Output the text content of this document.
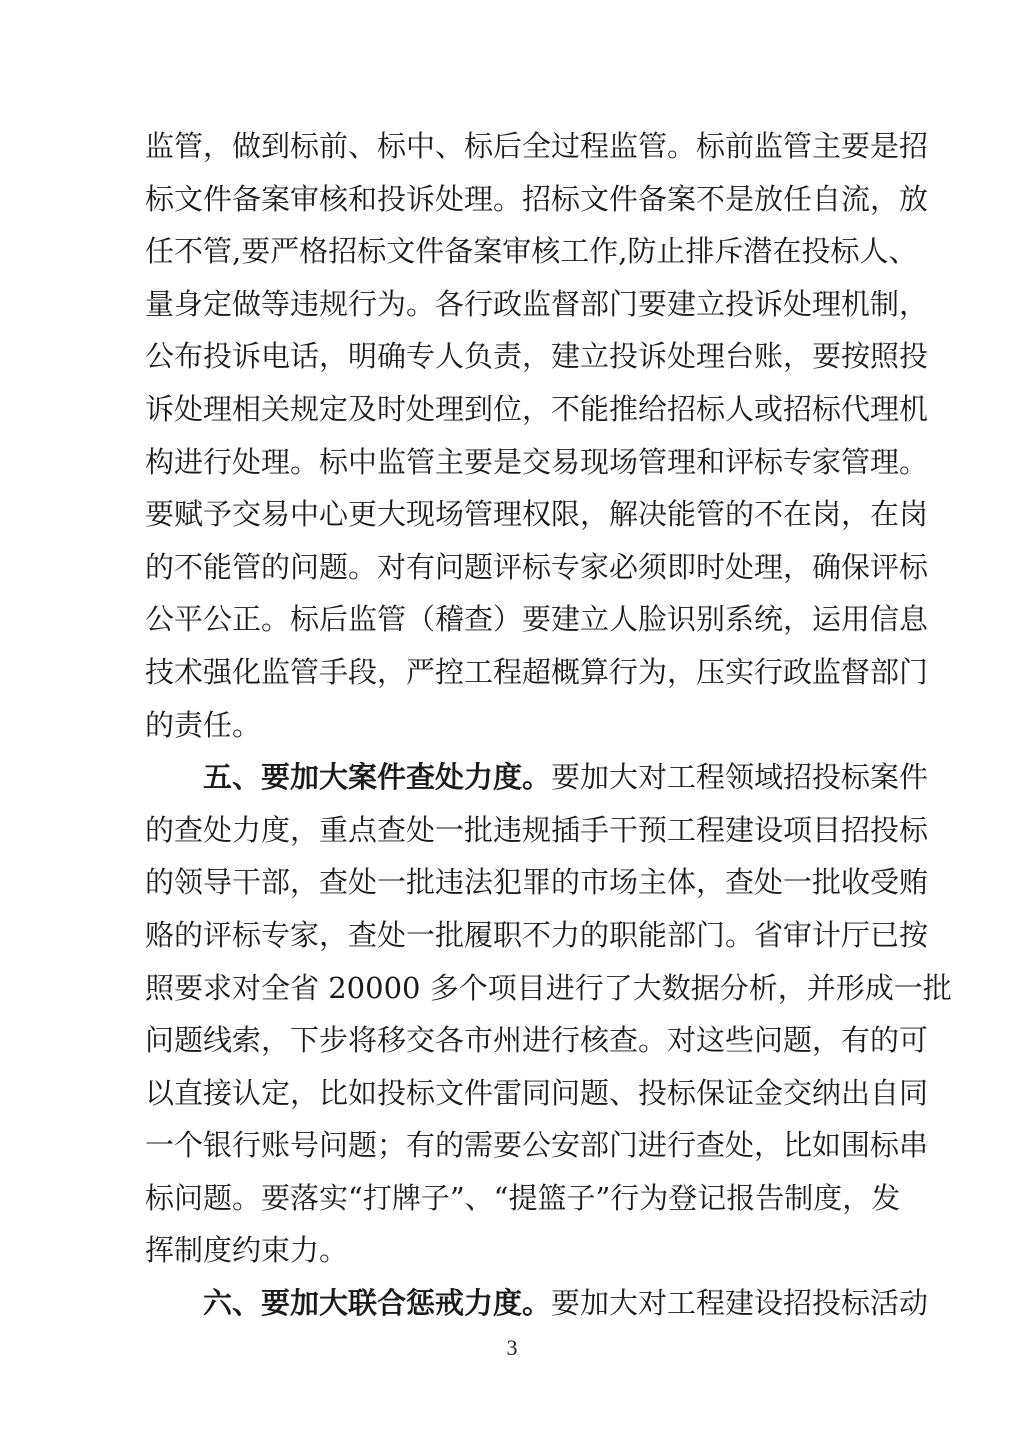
监管，做到标前、标中、标后全过程监管。标前监管主要是招
标文件备案审核和投诉处理。招标文件备案不是放任自流，放
任不管,要严格招标文件备案审核工作,防止排斥潜在投标人、
量身定做等违规行为。各行政监督部门要建立投诉处理机制，
公布投诉电话，明确专人负责，建立投诉处理台账，要按照投
诉处理相关规定及时处理到位，不能推给招标人或招标代理机
构进行处理。标中监管主要是交易现场管理和评标专家管理。
要赋予交易中心更大现场管理权限，解决能管的不在岗，在岗
的不能管的问题。对有问题评标专家必须即时处理，确保评标
公平公正。标后监管（稽查）要建立人脸识别系统，运用信息
技术强化监管手段，严控工程超概算行为，压实行政监督部门
的责任。
五、要加大案件查处力度。要加大对工程领域招投标案件
的查处力度，重点查处一批违规插手干预工程建设项目招投标
的领导干部，查处一批违法犯罪的市场主体，查处一批收受贿
赂的评标专家，查处一批履职不力的职能部门。省审计厅已按
照要求对全省 20000 多个项目进行了大数据分析，并形成一批
问题线索，下步将移交各市州进行核查。对这些问题，有的可
以直接认定，比如投标文件雷同问题、投标保证金交纳出自同
一个银行账号问题；有的需要公安部门进行查处，比如围标串
标问题。要落实“打牌子”、“提篮子”行为登记报告制度，发
挥制度约束力。
六、要加大联合惩戒力度。要加大对工程建设招投标活动
3
